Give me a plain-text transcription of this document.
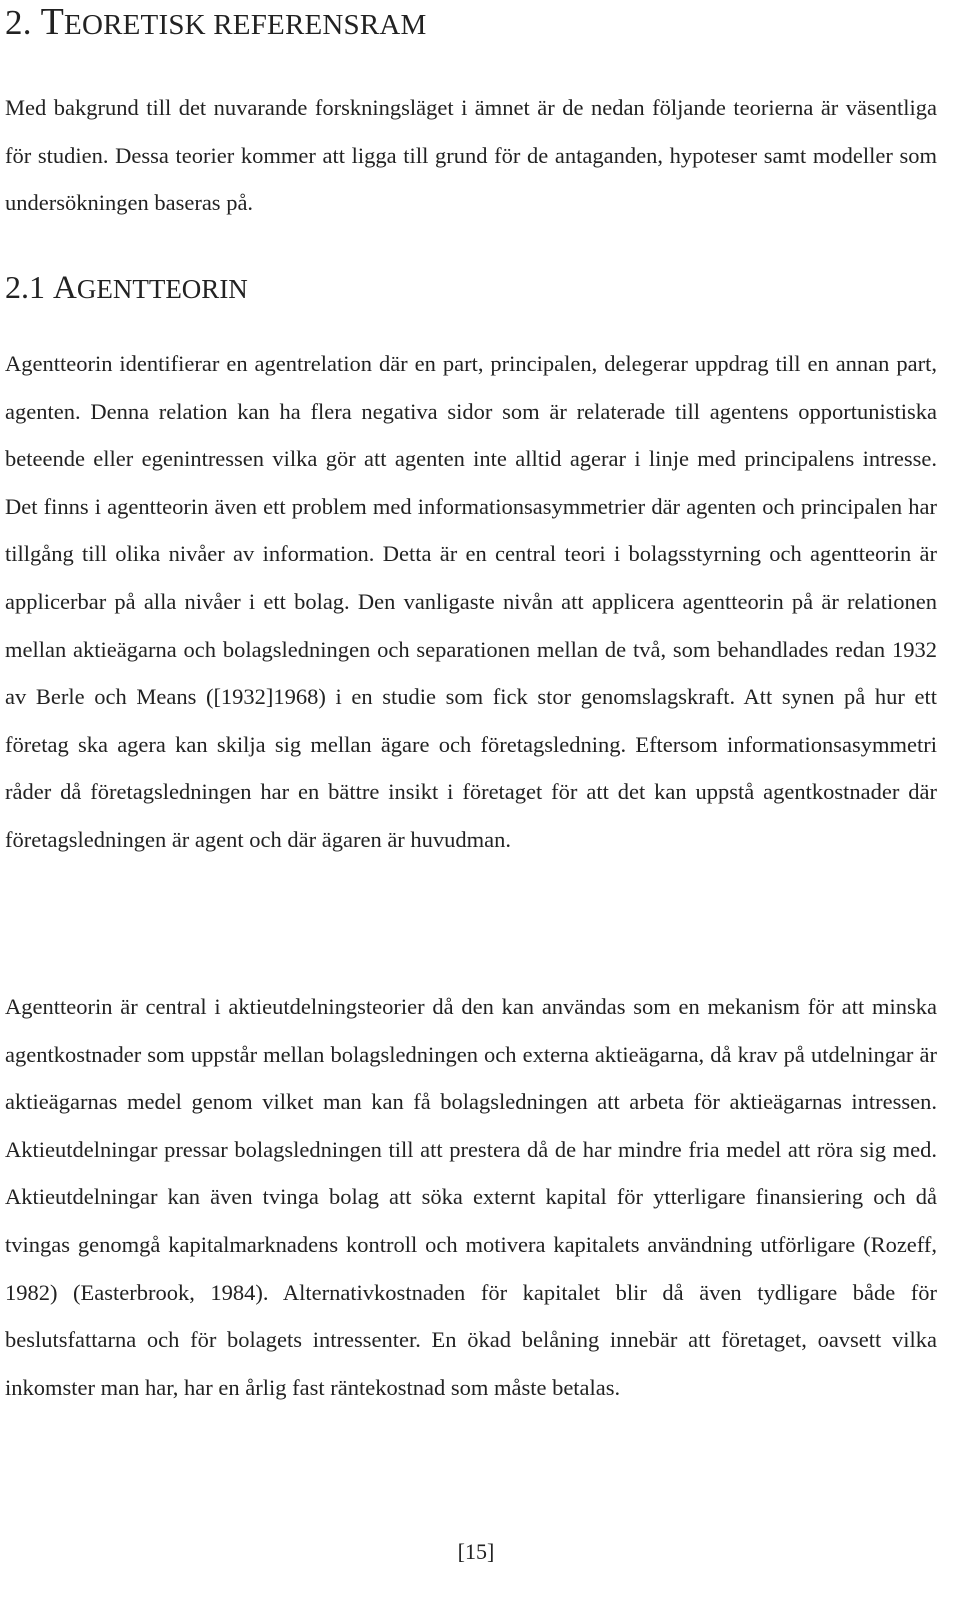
2. TEORETISK REFERENSRAM

Med bakgrund till det nuvarande forskningsläget i ämnet är de nedan följande teorierna är väsentliga för studien. Dessa teorier kommer att ligga till grund för de antaganden, hypoteser samt modeller som undersökningen baseras på.

2.1 AGENTTEORIN

Agentteorin identifierar en agentrelation där en part, principalen, delegerar uppdrag till en annan part, agenten. Denna relation kan ha flera negativa sidor som är relaterade till agentens opportunistiska beteende eller egenintressen vilka gör att agenten inte alltid agerar i linje med principalens intresse. Det finns i agentteorin även ett problem med informationsasymmetrier där agenten och principalen har tillgång till olika nivåer av information. Detta är en central teori i bolagsstyrning och agentteorin är applicerbar på alla nivåer i ett bolag. Den vanligaste nivån att applicera agentteorin på är relationen mellan aktieägarna och bolagsledningen och separationen mellan de två, som behandlades redan 1932 av Berle och Means ([1932]1968) i en studie som fick stor genomslagskraft. Att synen på hur ett företag ska agera kan skilja sig mellan ägare och företagsledning. Eftersom informationsasymmetri råder då företagsledningen har en bättre insikt i företaget för att det kan uppstå agentkostnader där företagsledningen är agent och där ägaren är huvudman.

Agentteorin är central i aktieutdelningsteorier då den kan användas som en mekanism för att minska agentkostnader som uppstår mellan bolagsledningen och externa aktieägarna, då krav på utdelningar är aktieägarnas medel genom vilket man kan få bolagsledningen att arbeta för aktieägarnas intressen. Aktieutdelningar pressar bolagsledningen till att prestera då de har mindre fria medel att röra sig med. Aktieutdelningar kan även tvinga bolag att söka externt kapital för ytterligare finansiering och då tvingas genomgå kapitalmarknadens kontroll och motivera kapitalets användning utförligare (Rozeff, 1982) (Easterbrook, 1984). Alternativkostnaden för kapitalet blir då även tydligare både för beslutsfattarna och för bolagets intressenter. En ökad belåning innebär att företaget, oavsett vilka inkomster man har, har en årlig fast räntekostnad som måste betalas.

[15]
